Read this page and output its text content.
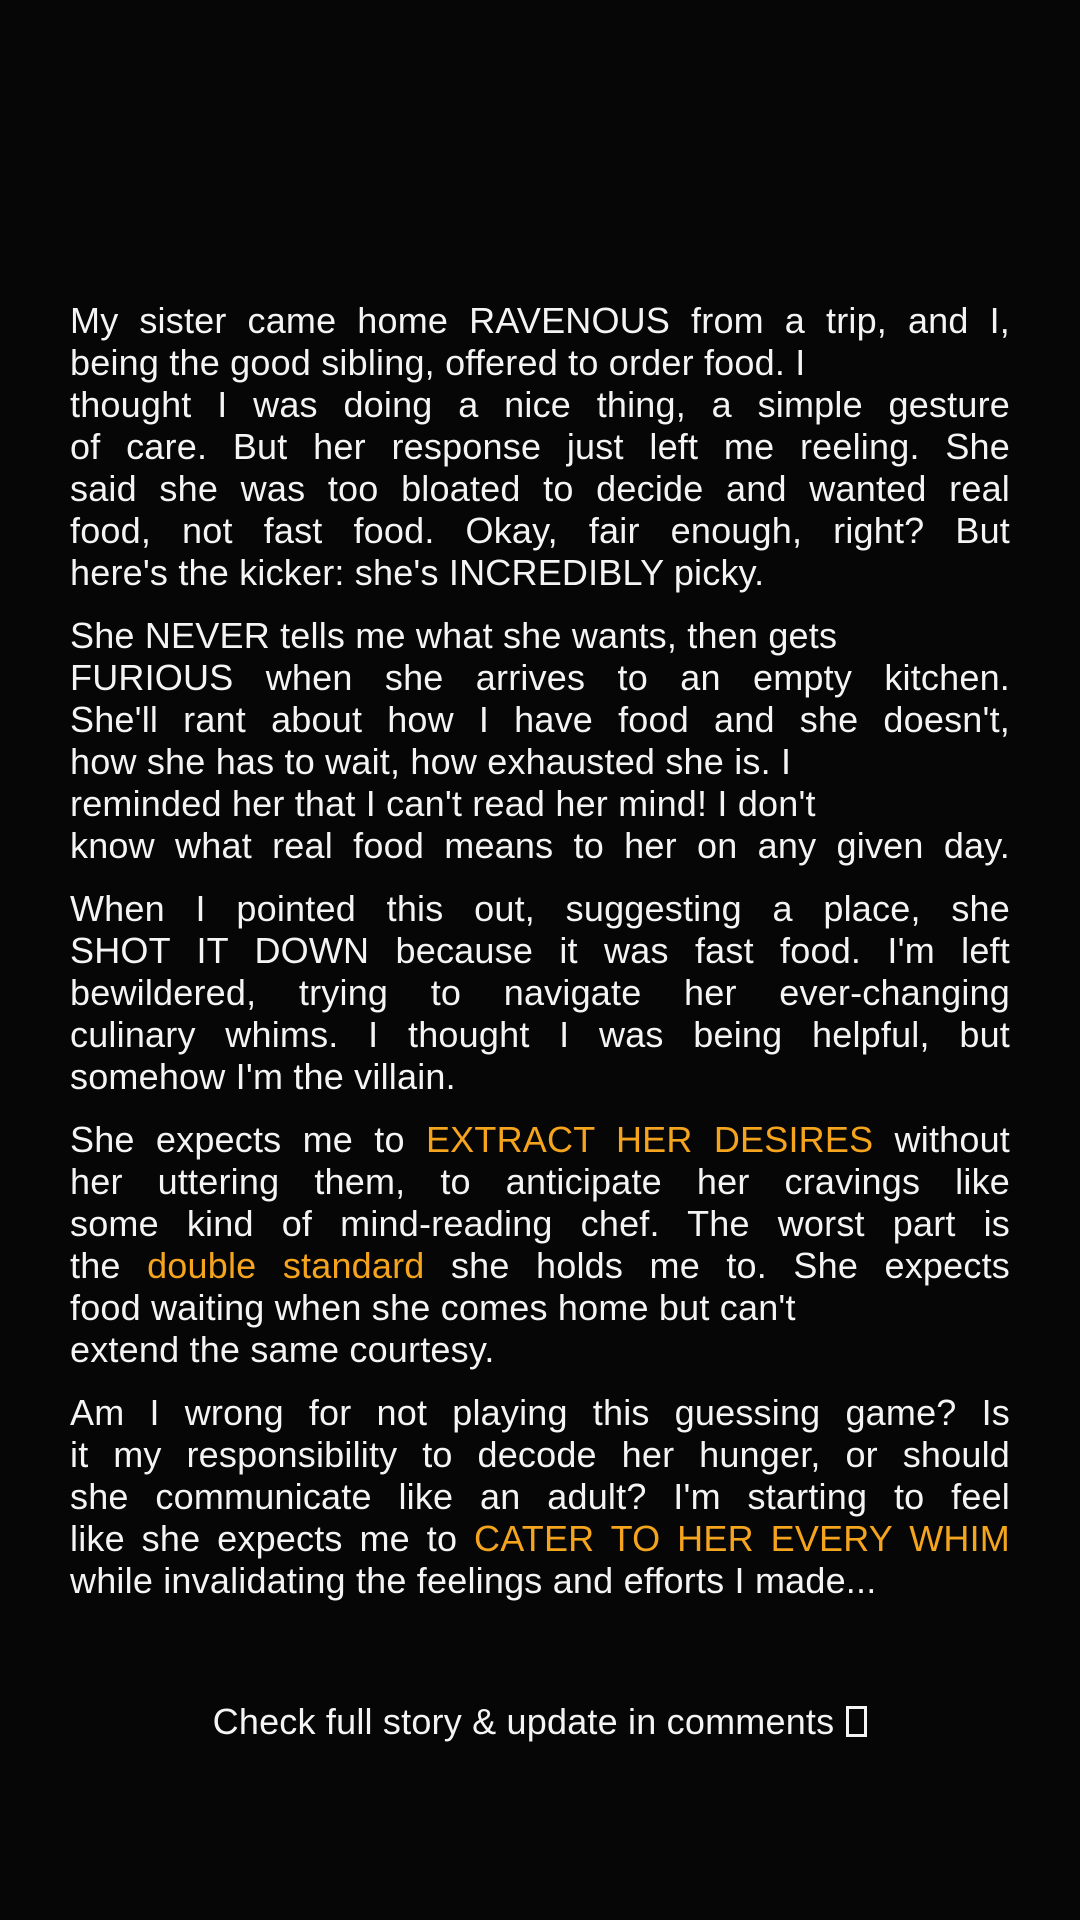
My sister came home RAVENOUS from a trip, and I,
being the good sibling, offered to order food. I
thought I was doing a nice thing, a simple gesture
of care. But her response just left me reeling. She
said she was too bloated to decide and wanted real
food, not fast food. Okay, fair enough, right? But
here's the kicker: she's INCREDIBLY picky.
She NEVER tells me what she wants, then gets
FURIOUS when she arrives to an empty kitchen.
She'll rant about how I have food and she doesn't,
how she has to wait, how exhausted she is. I
reminded her that I can't read her mind! I don't
know what real food means to her on any given day.
When I pointed this out, suggesting a place, she
SHOT IT DOWN because it was fast food. I'm left
bewildered, trying to navigate her ever-changing
culinary whims. I thought I was being helpful, but
somehow I'm the villain.
She expects me to EXTRACT HER DESIRES without
her uttering them, to anticipate her cravings like
some kind of mind-reading chef. The worst part is
the double standard she holds me to. She expects
food waiting when she comes home but can't
extend the same courtesy.
Am I wrong for not playing this guessing game? Is
it my responsibility to decode her hunger, or should
she communicate like an adult? I'm starting to feel
like she expects me to CATER TO HER EVERY WHIM
while invalidating the feelings and efforts I made...
Check full story & update in comments
